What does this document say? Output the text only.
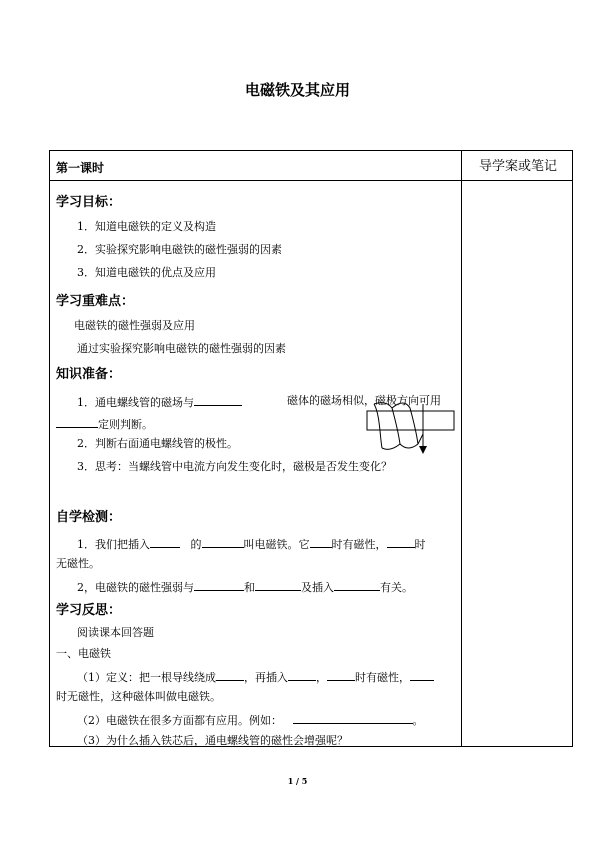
电磁铁及其应用
第一课时	导学案或笔记
学习目标：
1．知道电磁铁的定义及构造
2．实验探究影响电磁铁的磁性强弱的因素
3．知道电磁铁的优点及应用
学习重难点：
电磁铁的磁性强弱及应用
通过实验探究影响电磁铁的磁性强弱的因素
知识准备：
1．通电螺线管的磁场与	磁体的磁场相似，磁极方向可用
定则判断。
2．判断右面通电螺线管的极性。
3．思考：当螺线管中电流方向发生变化时，磁极是否发生变化？
自学检测：
1．我们把插入	的	叫电磁铁。它 时有磁性，	时
无磁性。
2，电磁铁的磁性强弱与	和	及插入	有关。
学习反思：
阅读课本回答题
一、电磁铁
（1）定义：把一根导线绕成	，再插入	，	时有磁性，
时无磁性，这种磁体叫做电磁铁。
（2）电磁铁在很多方面都有应用。例如：	。
（3）为什么插入铁芯后，通电螺线管的磁性会增强呢？
1 / 5
